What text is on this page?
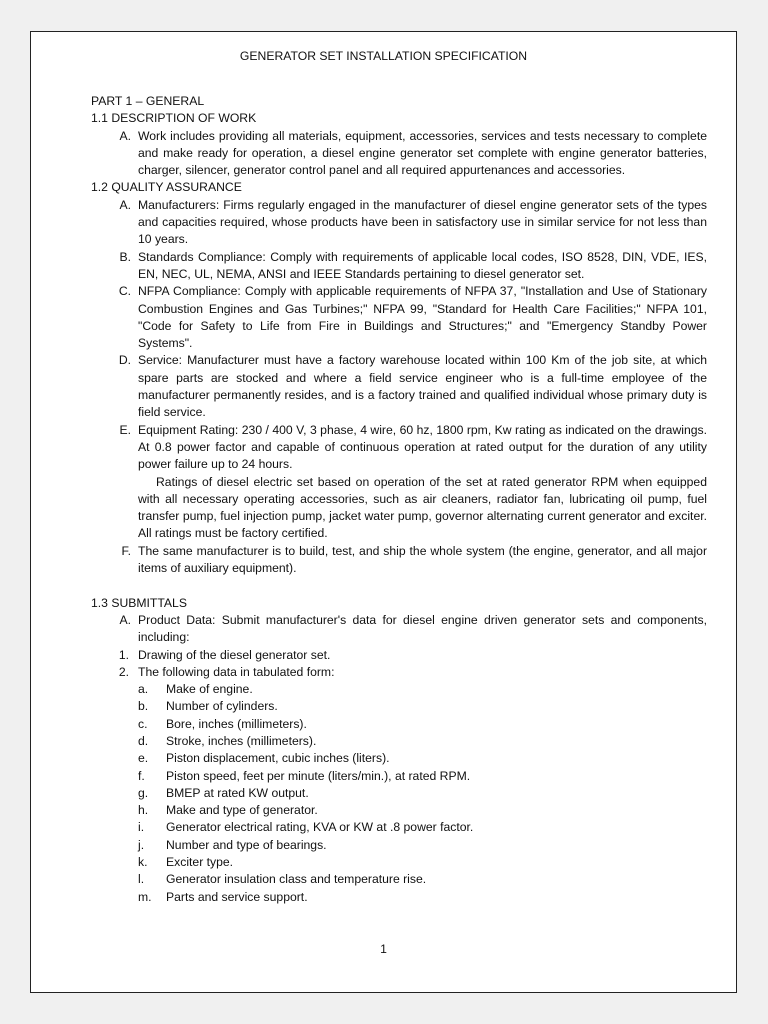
GENERATOR SET INSTALLATION SPECIFICATION

PART 1 – GENERAL

1.1 DESCRIPTION OF WORK

A. Work includes providing all materials, equipment, accessories, services and tests necessary to complete and make ready for operation, a diesel engine generator set complete with engine generator batteries, charger, silencer, generator control panel and all required appurtenances and accessories.

1.2 QUALITY ASSURANCE

A. Manufacturers: Firms regularly engaged in the manufacturer of diesel engine generator sets of the types and capacities required, whose products have been in satisfactory use in similar service for not less than 10 years.
B. Standards Compliance: Comply with requirements of applicable local codes, ISO 8528, DIN, VDE, IES, EN, NEC, UL, NEMA, ANSI and IEEE Standards pertaining to diesel generator set.
C. NFPA Compliance: Comply with applicable requirements of NFPA 37, "Installation and Use of Stationary Combustion Engines and Gas Turbines;" NFPA 99, "Standard for Health Care Facilities;" NFPA 101, "Code for Safety to Life from Fire in Buildings and Structures;" and "Emergency Standby Power Systems".
D. Service: Manufacturer must have a factory warehouse located within 100 Km of the job site, at which spare parts are stocked and where a field service engineer who is a full-time employee of the manufacturer permanently resides, and is a factory trained and qualified individual whose primary duty is field service.
E. Equipment Rating: 230 / 400 V, 3 phase, 4 wire, 60 hz, 1800 rpm, Kw rating as indicated on the drawings. At 0.8 power factor and capable of continuous operation at rated output for the duration of any utility power failure up to 24 hours.

Ratings of diesel electric set based on operation of the set at rated generator RPM when equipped with all necessary operating accessories, such as air cleaners, radiator fan, lubricating oil pump, fuel transfer pump, fuel injection pump, jacket water pump, governor alternating current generator and exciter. All ratings must be factory certified.

F. The same manufacturer is to build, test, and ship the whole system (the engine, generator, and all major items of auxiliary equipment).

1.3 SUBMITTALS

A. Product Data: Submit manufacturer's data for diesel engine driven generator sets and components, including:
1. Drawing of the diesel generator set.
2. The following data in tabulated form:
a.	Make of engine.
b.	Number of cylinders.
c.	Bore, inches (millimeters).
d.	Stroke, inches (millimeters).
e.	Piston displacement, cubic inches (liters).
f.	Piston speed, feet per minute (liters/min.), at rated RPM.
g.	BMEP at rated KW output.
h.	Make and type of generator.
i.	Generator electrical rating, KVA or KW at .8 power factor.
j.	Number and type of bearings.
k.	Exciter type.
l.	Generator insulation class and temperature rise.
m.	Parts and service support.
1
